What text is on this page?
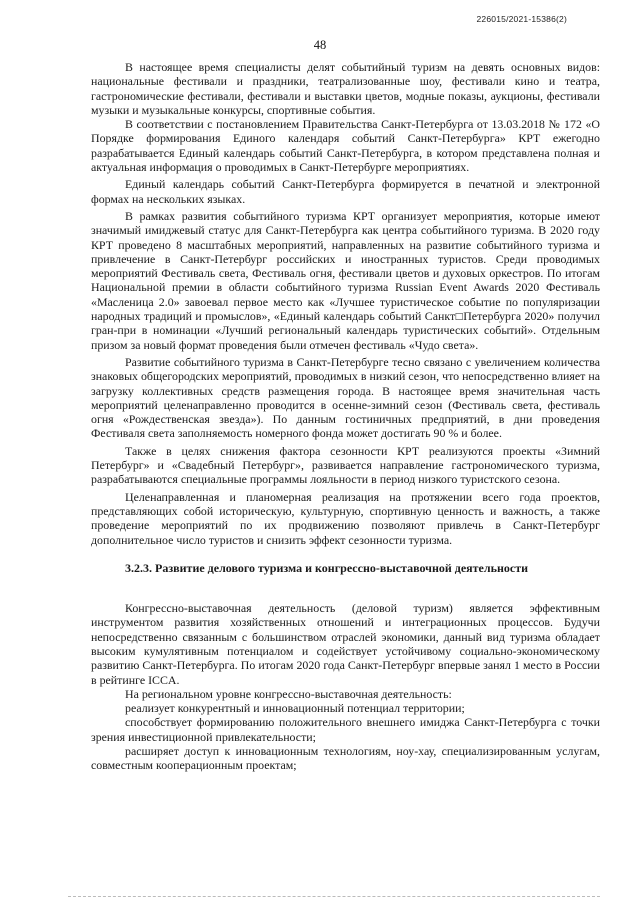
226015/2021-15386(2)
48

В настоящее время специалисты делят событийный туризм на девять основных видов: национальные фестивали и праздники, театрализованные шоу, фестивали кино и театра, гастрономические фестивали, фестивали и выставки цветов, модные показы, аукционы, фестивали музыки и музыкальные конкурсы, спортивные события.

В соответствии с постановлением Правительства Санкт-Петербурга от 13.03.2018 № 172 «О Порядке формирования Единого календаря событий Санкт-Петербурга» КРТ ежегодно разрабатывается Единый календарь событий Санкт-Петербурга, в котором представлена полная и актуальная информация о проводимых в Санкт-Петербурге мероприятиях.

Единый календарь событий Санкт-Петербурга формируется в печатной и электронной формах на нескольких языках.

В рамках развития событийного туризма КРТ организует мероприятия, которые имеют значимый имиджевый статус для Санкт-Петербурга как центра событийного туризма. В 2020 году КРТ проведено 8 масштабных мероприятий, направленных на развитие событийного туризма и привлечение в Санкт-Петербург российских и иностранных туристов. Среди проводимых мероприятий Фестиваль света, Фестиваль огня, фестивали цветов и духовых оркестров. По итогам Национальной премии в области событийного туризма Russian Event Awards 2020 Фестиваль «Масленица 2.0» завоевал первое место как «Лучшее туристическое событие по популяризации народных традиций и промыслов», «Единый календарь событий Санкт□Петербурга 2020» получил гран-при в номинации «Лучший региональный календарь туристических событий». Отдельным призом за новый формат проведения были отмечен фестиваль «Чудо света».

Развитие событийного туризма в Санкт-Петербурге тесно связано с увеличением количества знаковых общегородских мероприятий, проводимых в низкий сезон, что непосредственно влияет на загрузку коллективных средств размещения города. В настоящее время значительная часть мероприятий целенаправленно проводится в осенне-зимний сезон (Фестиваль света, фестиваль огня «Рождественская звезда»). По данным гостиничных предприятий, в дни проведения Фестиваля света заполняемость номерного фонда может достигать 90 % и более.

Также в целях снижения фактора сезонности КРТ реализуются проекты «Зимний Петербург» и «Свадебный Петербург», развивается направление гастрономического туризма, разрабатываются специальные программы лояльности в период низкого туристского сезона.

Целенаправленная и планомерная реализация на протяжении всего года проектов, представляющих собой историческую, культурную, спортивную ценность и важность, а также проведение мероприятий по их продвижению позволяют привлечь в Санкт-Петербург дополнительное число туристов и снизить эффект сезонности туризма.

3.2.3. Развитие делового туризма и конгрессно-выставочной деятельности

Конгрессно-выставочная деятельность (деловой туризм) является эффективным инструментом развития хозяйственных отношений и интеграционных процессов. Будучи непосредственно связанным с большинством отраслей экономики, данный вид туризма обладает высоким кумулятивным потенциалом и содействует устойчивому социально-экономическому развитию Санкт-Петербурга. По итогам 2020 года Санкт-Петербург впервые занял 1 место в России в рейтинге ICCA.

На региональном уровне конгрессно-выставочная деятельность:

реализует конкурентный и инновационный потенциал территории;

способствует формированию положительного внешнего имиджа Санкт-Петербурга с точки зрения инвестиционной привлекательности;

расширяет доступ к инновационным технологиям, ноу-хау, специализированным услугам, совместным кооперационным проектам;
